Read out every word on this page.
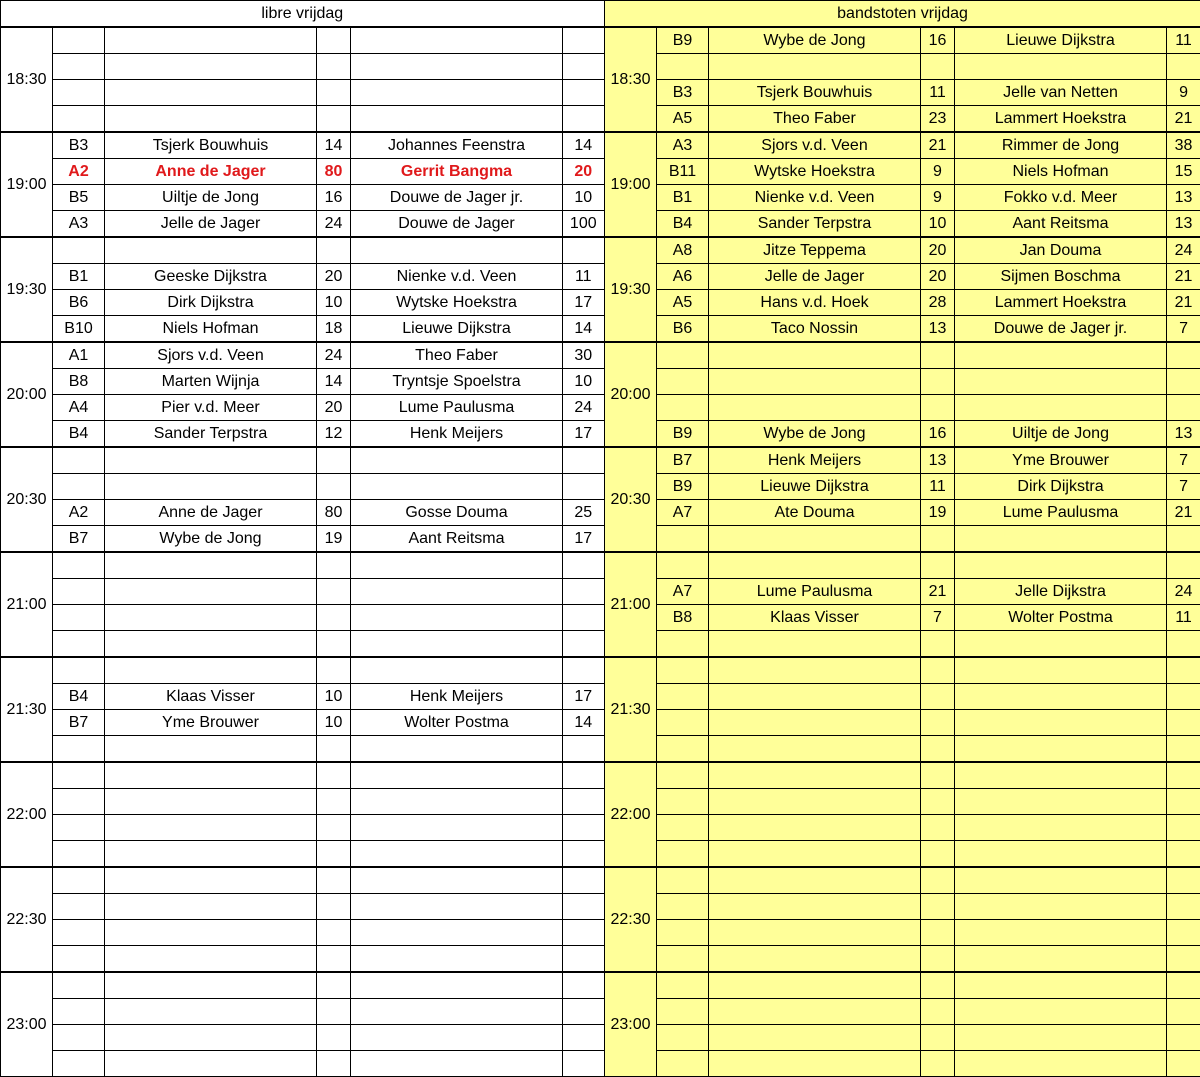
libre vrijdag					
18:30					

19:00	B3	Tsjerk Bouwhuis	14	Johannes Feenstra	14
	A2	Anne de Jager	80	Gerrit Bangma	20
	B5	Uiltje de Jong	16	Douwe de Jager jr.	10
	A3	Jelle de Jager	24	Douwe de Jager	100
19:30					
	B1	Geeske Dijkstra	20	Nienke v.d. Veen	11
	B6	Dirk Dijkstra	10	Wytske Hoekstra	17
	B10	Niels Hofman	18	Lieuwe Dijkstra	14
20:00	A1	Sjors v.d. Veen	24	Theo Faber	30
	B8	Marten Wijnja	14	Tryntsje Spoelstra	10
	A4	Pier v.d. Meer	20	Lume Paulusma	24
	B4	Sander Terpstra	12	Henk Meijers	17
20:30					

	A2	Anne de Jager	80	Gosse Douma	25
	B7	Wybe de Jong	19	Aant Reitsma	17
21:00					

21:30					
	B4	Klaas Visser	10	Henk Meijers	17
	B7	Yme Brouwer	10	Wolter Postma	14

22:00					

22:30					

23:00					

bandstoten vrijdag					
18:30	B9	Wybe de Jong	16	Lieuwe Dijkstra	11

	B3	Tsjerk Bouwhuis	11	Jelle van Netten	9
	A5	Theo Faber	23	Lammert Hoekstra	21
19:00	A3	Sjors v.d. Veen	21	Rimmer de Jong	38
	B11	Wytske Hoekstra	9	Niels Hofman	15
	B1	Nienke v.d. Veen	9	Fokko v.d. Meer	13
	B4	Sander Terpstra	10	Aant Reitsma	13
19:30	A8	Jitze Teppema	20	Jan Douma	24
	A6	Jelle de Jager	20	Sijmen Boschma	21
	A5	Hans v.d. Hoek	28	Lammert Hoekstra	21
	B6	Taco Nossin	13	Douwe de Jager jr.	7
20:00					

	B9	Wybe de Jong	16	Uiltje de Jong	13
20:30	B7	Henk Meijers	13	Yme Brouwer	7
	B9	Lieuwe Dijkstra	11	Dirk Dijkstra	7
	A7	Ate Douma	19	Lume Paulusma	21

21:00					
	A7	Lume Paulusma	21	Jelle Dijkstra	24
	B8	Klaas Visser	7	Wolter Postma	11

21:30					

22:00					

22:30					

23:00					
